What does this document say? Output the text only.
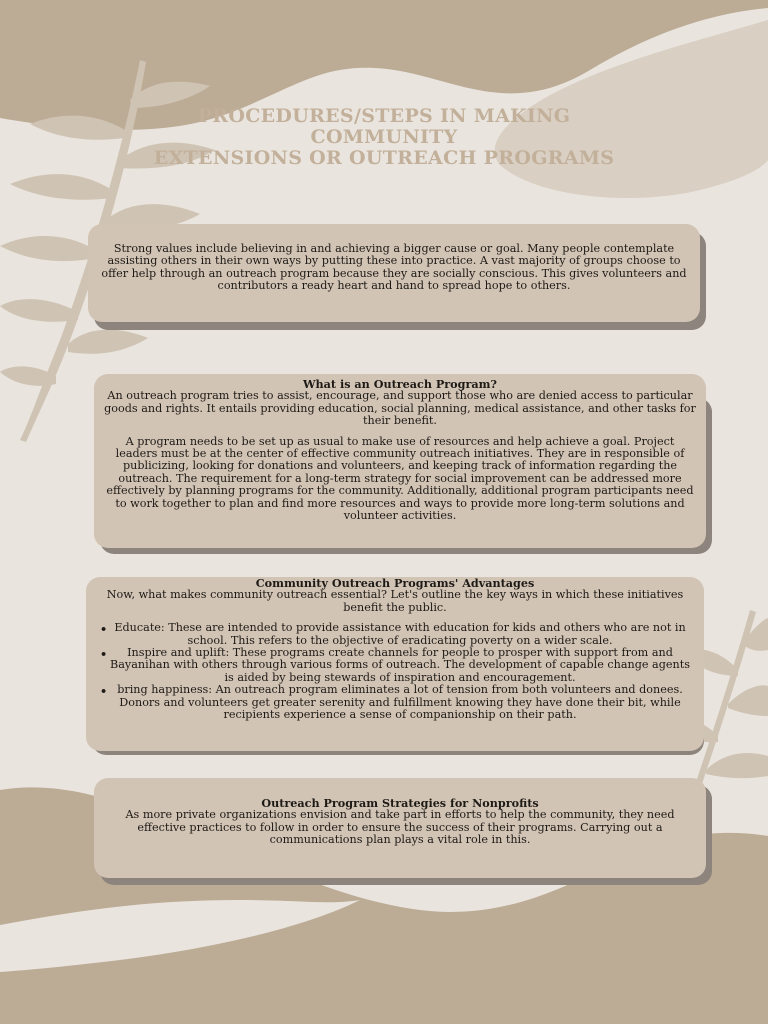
PROCEDURES/STEPS IN MAKING
COMMUNITY
EXTENSIONS OR OUTREACH PROGRAMS

Strong values include believing in and achieving a bigger cause or goal. Many people contemplate assisting others in their own ways by putting these into practice. A vast majority of groups choose to offer help through an outreach program because they are socially conscious. This gives volunteers and contributors a ready heart and hand to spread hope to others.

What is an Outreach Program?

An outreach program tries to assist, encourage, and support those who are denied access to particular goods and rights. It entails providing education, social planning, medical assistance, and other tasks for their benefit.

A program needs to be set up as usual to make use of resources and help achieve a goal. Project leaders must be at the center of effective community outreach initiatives. They are in responsible of publicizing, looking for donations and volunteers, and keeping track of information regarding the outreach. The requirement for a long-term strategy for social improvement can be addressed more effectively by planning programs for the community. Additionally, additional program participants need to work together to plan and find more resources and ways to provide more long-term solutions and volunteer activities.

Community Outreach Programs' Advantages

Now, what makes community outreach essential? Let's outline the key ways in which these initiatives benefit the public.

• Educate: These are intended to provide assistance with education for kids and others who are not in school. This refers to the objective of eradicating poverty on a wider scale.
• Inspire and uplift: These programs create channels for people to prosper with support from and Bayanihan with others through various forms of outreach. The development of capable change agents is aided by being stewards of inspiration and encouragement.
• bring happiness: An outreach program eliminates a lot of tension from both volunteers and donees. Donors and volunteers get greater serenity and fulfillment knowing they have done their bit, while recipients experience a sense of companionship on their path.

Outreach Program Strategies for Nonprofits

As more private organizations envision and take part in efforts to help the community, they need effective practices to follow in order to ensure the success of their programs. Carrying out a communications plan plays a vital role in this.
